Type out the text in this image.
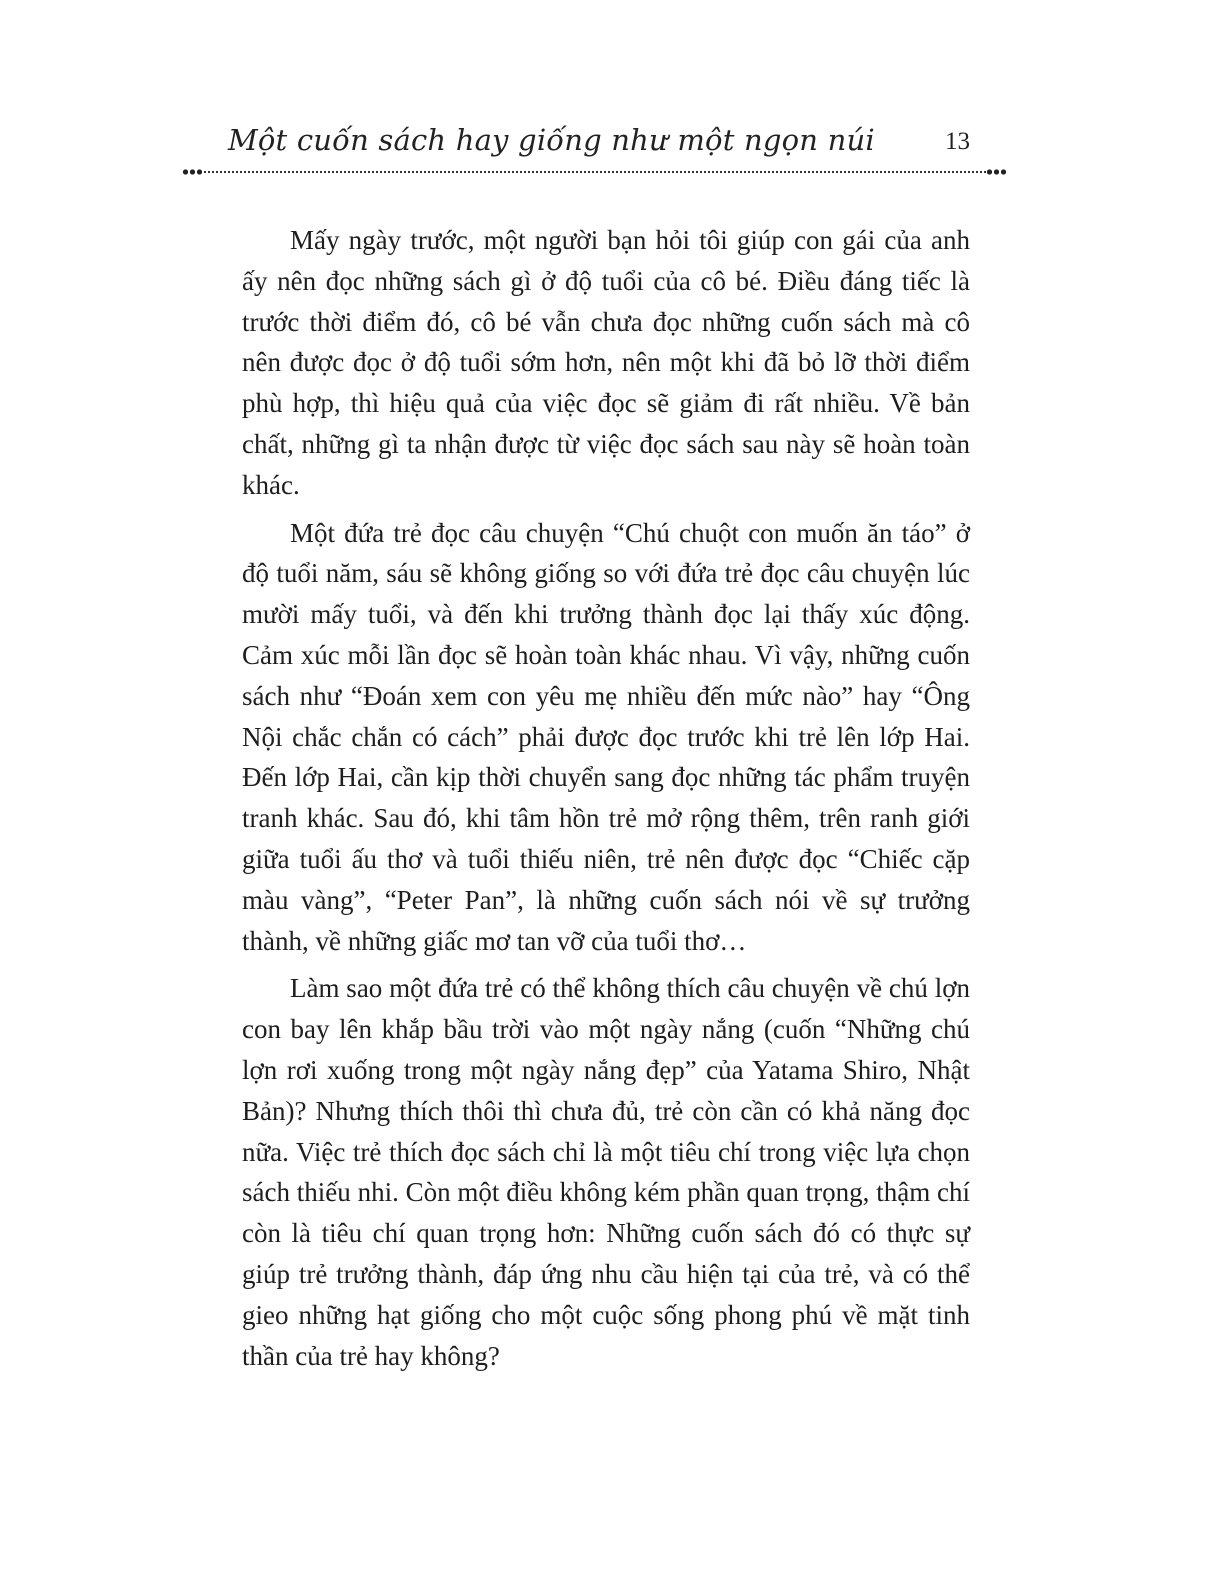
Một cuốn sách hay giống như một ngọn núi	13

Mấy ngày trước, một người bạn hỏi tôi giúp con gái của anh ấy nên đọc những sách gì ở độ tuổi của cô bé. Điều đáng tiếc là trước thời điểm đó, cô bé vẫn chưa đọc những cuốn sách mà cô nên được đọc ở độ tuổi sớm hơn, nên một khi đã bỏ lỡ thời điểm phù hợp, thì hiệu quả của việc đọc sẽ giảm đi rất nhiều. Về bản chất, những gì ta nhận được từ việc đọc sách sau này sẽ hoàn toàn khác.

Một đứa trẻ đọc câu chuyện “Chú chuột con muốn ăn táo” ở độ tuổi năm, sáu sẽ không giống so với đứa trẻ đọc câu chuyện lúc mười mấy tuổi, và đến khi trưởng thành đọc lại thấy xúc động. Cảm xúc mỗi lần đọc sẽ hoàn toàn khác nhau. Vì vậy, những cuốn sách như “Đoán xem con yêu mẹ nhiều đến mức nào” hay “Ông Nội chắc chắn có cách” phải được đọc trước khi trẻ lên lớp Hai. Đến lớp Hai, cần kịp thời chuyển sang đọc những tác phẩm truyện tranh khác. Sau đó, khi tâm hồn trẻ mở rộng thêm, trên ranh giới giữa tuổi ấu thơ và tuổi thiếu niên, trẻ nên được đọc “Chiếc cặp màu vàng”, “Peter Pan”, là những cuốn sách nói về sự trưởng thành, về những giấc mơ tan vỡ của tuổi thơ…

Làm sao một đứa trẻ có thể không thích câu chuyện về chú lợn con bay lên khắp bầu trời vào một ngày nắng (cuốn “Những chú lợn rơi xuống trong một ngày nắng đẹp” của Yatama Shiro, Nhật Bản)? Nhưng thích thôi thì chưa đủ, trẻ còn cần có khả năng đọc nữa. Việc trẻ thích đọc sách chỉ là một tiêu chí trong việc lựa chọn sách thiếu nhi. Còn một điều không kém phần quan trọng, thậm chí còn là tiêu chí quan trọng hơn: Những cuốn sách đó có thực sự giúp trẻ trưởng thành, đáp ứng nhu cầu hiện tại của trẻ, và có thể gieo những hạt giống cho một cuộc sống phong phú về mặt tinh thần của trẻ hay không?
